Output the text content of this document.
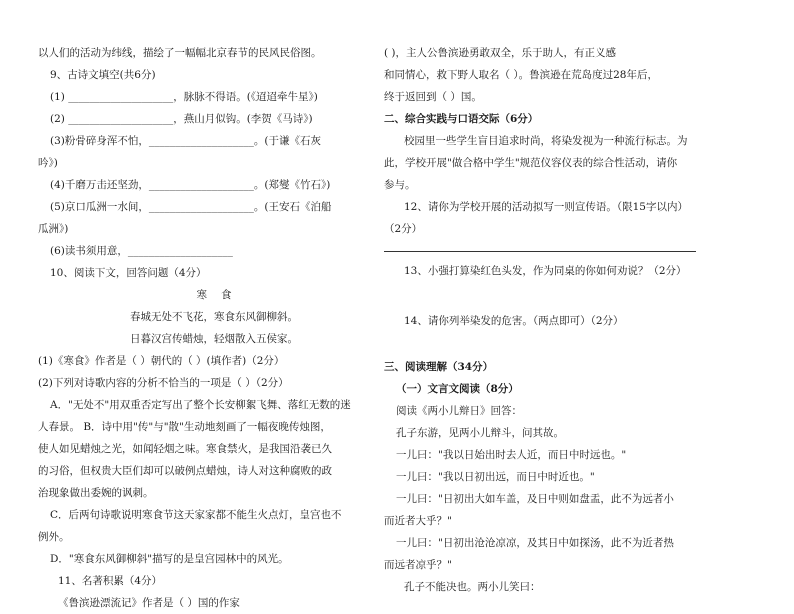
以人们的活动为纬线，描绘了一幅幅北京春节的民风民俗图。
9、古诗文填空(共6分)
(1) ____________________，脉脉不得语。(《迢迢牵牛星》)
(2) ____________________，燕山月似钩。(李贺《马诗》)
(3)粉骨碎身浑不怕，____________________。(于谦《石灰
吟》)
(4)千磨万击还坚劲，____________________。(郑燮《竹石》)
(5)京口瓜洲一水间，____________________。(王安石《泊船
瓜洲》)
(6)读书须用意，____________________
10、阅读下文，回答问题（4分）
寒食
春城无处不飞花，寒食东风御柳斜。
日暮汉宫传蜡烛，轻烟散入五侯家。
(1)《寒食》作者是（ ）朝代的（ ）(填作者)（2分）
(2)下列对诗歌内容的分析不恰当的一项是（ ）（2分）
A．"无处不"用双重否定写出了整个长安柳絮飞舞、落红无数的迷
人春景。 B．诗中用"传"与"散"生动地刻画了一幅夜晚传烛图，
使人如见蜡烛之光，如闻轻烟之味。寒食禁火，是我国沿袭已久
的习俗，但权贵大臣们却可以破例点蜡烛，诗人对这种腐败的政
治现象做出委婉的讽刺。
C．后两句诗歌说明寒食节这天家家都不能生火点灯，皇宫也不
例外。
D．"寒食东风御柳斜"描写的是皇宫园林中的风光。
11、名著积累（4分）
《鲁滨逊漂流记》作者是（ ）国的作家
( )，主人公鲁滨逊勇敢双全，乐于助人，有正义感
和同情心，救下野人取名（ ）。鲁滨逊在荒岛度过28年后，
终于返回到（ ）国。
二、综合实践与口语交际（6分）
校园里一些学生盲目追求时尚，将染发视为一种流行标志。为
此，学校开展"做合格中学生"规范仪容仪表的综合性活动，请你
参与。
12、请你为学校开展的活动拟写一则宣传语。（限15字以内）
（2分）
13、小强打算染红色头发，作为同桌的你如何劝说？（2分）
14、请你列举染发的危害。（两点即可）（2分）
三、阅读理解（34分）
（一）文言文阅读（8分）
阅读《两小儿辩日》回答：
孔子东游，见两小儿辩斗，问其故。
一儿曰："我以日始出时去人近，而日中时远也。"
一儿曰："我以日初出远，而日中时近也。"
一儿曰："日初出大如车盖，及日中则如盘盂，此不为远者小
而近者大乎？"
一儿曰："日初出沧沧凉凉，及其日中如探汤，此不为近者热
而远者凉乎？"
孔子不能决也。两小儿笑曰：
